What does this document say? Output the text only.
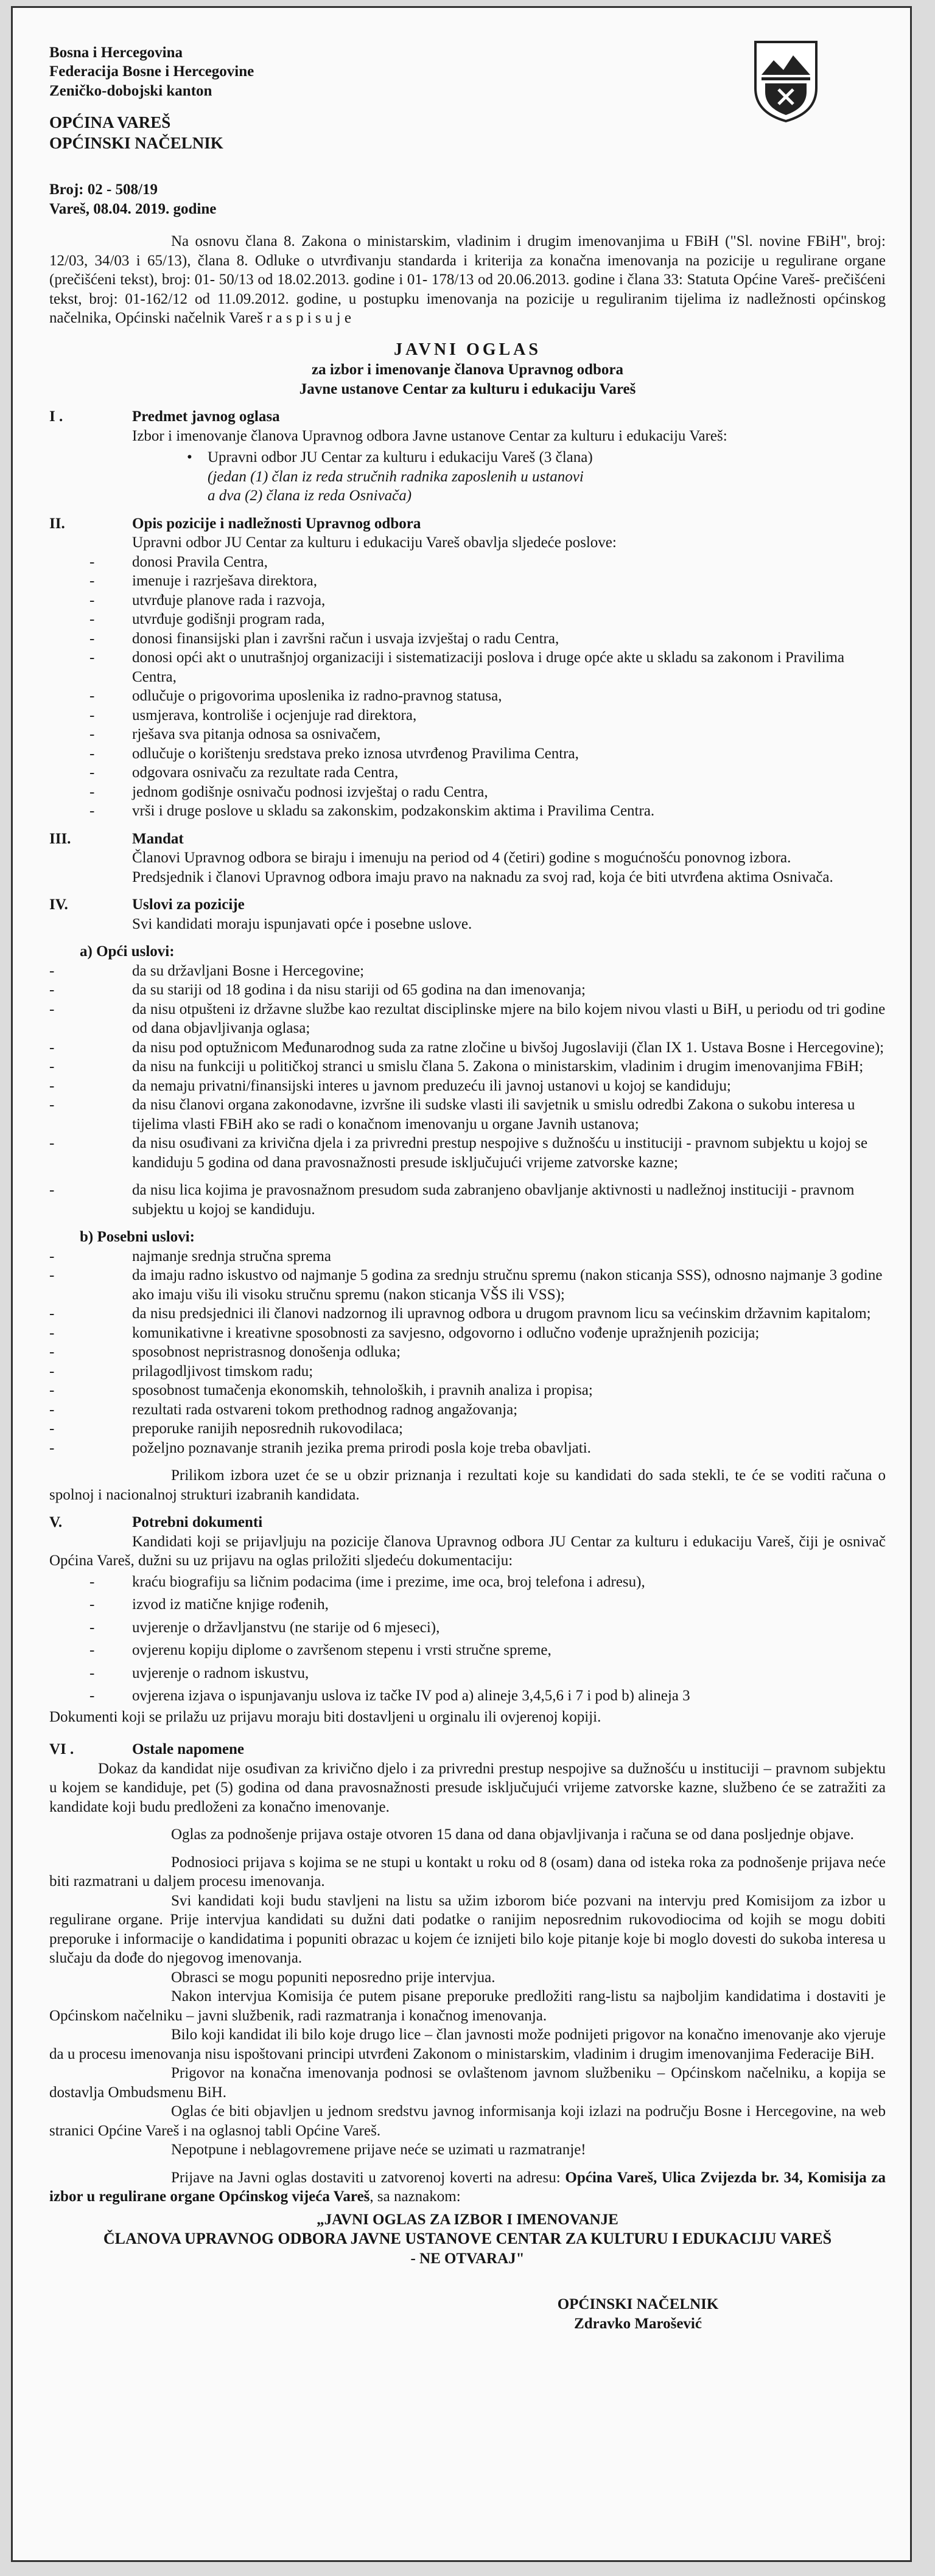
Bosna i Hercegovina
Federacija Bosne i Hercegovine
Zeničko-dobojski kanton
OPĆINA VAREŠ
OPĆINSKI NAČELNIK
Broj: 02 - 508/19
Vareš, 08.04. 2019. godine

Na osnovu člana 8. Zakona o ministarskim, vladinim i drugim imenovanjima u FBiH ("Sl. novine FBiH", broj: 12/03, 34/03 i 65/13), člana 8. Odluke o utvrđivanju standarda i kriterija za konačna imenovanja na pozicije u regulirane organe (prečišćeni tekst), broj: 01- 50/13 od 18.02.2013. godine i 01- 178/13 od 20.06.2013. godine i člana 33: Statuta Općine Vareš- prečišćeni tekst, broj: 01-162/12 od 11.09.2012. godine, u postupku imenovanja na pozicije u reguliranim tijelima iz nadležnosti općinskog načelnika, Općinski načelnik Vareš r a s p i s u j e

JAVNI OGLAS
za izbor i imenovanje članova Upravnog odbora
Javne ustanove Centar za kulturu i edukaciju Vareš
I .	Predmet javnog oglasa

Izbor i imenovanje članova Upravnog odbora Javne ustanove Centar za kulturu i edukaciju Vareš:

• Upravni odbor JU Centar za kulturu i edukaciju Vareš (3 člana)
(jedan (1) član iz reda stručnih radnika zaposlenih u ustanovi
a dva (2) člana iz reda Osnivača)
II.	Opis pozicije i nadležnosti Upravnog odbora

Upravni odbor JU Centar za kulturu i edukaciju Vareš obavlja sljedeće poslove:

- donosi Pravila Centra,
- imenuje i razrješava direktora,
- utvrđuje planove rada i razvoja,
- utvrđuje godišnji program rada,
- donosi finansijski plan i završni račun i usvaja izvještaj o radu Centra,
- donosi opći akt o unutrašnjoj organizaciji i sistematizaciji poslova i druge opće akte u skladu sa zakonom i Pravilima Centra,
- odlučuje o prigovorima uposlenika iz radno-pravnog statusa,
- usmjerava, kontroliše i ocjenjuje rad direktora,
- rješava sva pitanja odnosa sa osnivačem,
- odlučuje o korištenju sredstava preko iznosa utvrđenog Pravilima Centra,
- odgovara osnivaču za rezultate rada Centra,
- jednom godišnje osnivaču podnosi izvještaj o radu Centra,
- vrši i druge poslove u skladu sa zakonskim, podzakonskim aktima i Pravilima Centra.
III.	Mandat

Članovi Upravnog odbora se biraju i imenuju na period od 4 (četiri) godine s mogućnošću ponovnog izbora.

Predsjednik i članovi Upravnog odbora imaju pravo na naknadu za svoj rad, koja će biti utvrđena aktima Osnivača.

IV.	Uslovi za pozicije

Svi kandidati moraju ispunjavati opće i posebne uslove.

a) Opći uslovi:
- da su državljani Bosne i Hercegovine;
- da su stariji od 18 godina i da nisu stariji od 65 godina na dan imenovanja;
- da nisu otpušteni iz državne službe kao rezultat disciplinske mjere na bilo kojem nivou vlasti u BiH, u periodu od tri godine od dana objavljivanja oglasa;
- da nisu pod optužnicom Međunarodnog suda za ratne zločine u bivšoj Jugoslaviji (član IX 1. Ustava Bosne i Hercegovine);
- da nisu na funkciji u političkoj stranci u smislu člana 5. Zakona o ministarskim, vladinim i drugim imenovanjima FBiH;
- da nemaju privatni/finansijski interes u javnom preduzeću ili javnoj ustanovi u kojoj se kandiduju;
- da nisu članovi organa zakonodavne, izvršne ili sudske vlasti ili savjetnik u smislu odredbi Zakona o sukobu interesa u tijelima vlasti FBiH ako se radi o konačnom imenovanju u organe Javnih ustanova;
- da nisu osuđivani za krivična djela i za privredni prestup nespojive s dužnošću u instituciji - pravnom subjektu u kojoj se kandiduju 5 godina od dana pravosnažnosti presude isključujući vrijeme zatvorske kazne;
- da nisu lica kojima je pravosnažnom presudom suda zabranjeno obavljanje aktivnosti u nadležnoj instituciji - pravnom subjektu u kojoj se kandiduju.
b) Posebni uslovi:
- najmanje srednja stručna sprema
- da imaju radno iskustvo od najmanje 5 godina za srednju stručnu spremu (nakon sticanja SSS), odnosno najmanje 3 godine ako imaju višu ili visoku stručnu spremu (nakon sticanja VŠS ili VSS);
- da nisu predsjednici ili članovi nadzornog ili upravnog odbora u drugom pravnom licu sa većinskim državnim kapitalom;
- komunikativne i kreativne sposobnosti za savjesno, odgovorno i odlučno vođenje upražnjenih pozicija;
- sposobnost nepristrasnog donošenja odluka;
- prilagodljivost timskom radu;
- sposobnost tumačenja ekonomskih, tehnoloških, i pravnih analiza i propisa;
- rezultati rada ostvareni tokom prethodnog radnog angažovanja;
- preporuke ranijih neposrednih rukovodilaca;
- poželjno poznavanje stranih jezika prema prirodi posla koje treba obavljati.

Prilikom izbora uzet će se u obzir priznanja i rezultati koje su kandidati do sada stekli, te će se voditi računa o spolnoj i nacionalnoj strukturi izabranih kandidata.

V.	Potrebni dokumenti

Kandidati koji se prijavljuju na pozicije članova Upravnog odbora JU Centar za kulturu i edukaciju Vareš, čiji je osnivač Općina Vareš, dužni su uz prijavu na oglas priložiti sljedeću dokumentaciju:

- kraću biografiju sa ličnim podacima (ime i prezime, ime oca, broj telefona i adresu),
- izvod iz matične knjige rođenih,
- uvjerenje o državljanstvu (ne starije od 6 mjeseci),
- ovjerenu kopiju diplome o završenom stepenu i vrsti stručne spreme,
- uvjerenje o radnom iskustvu,
- ovjerena izjava o ispunjavanju uslova iz tačke IV pod a) alineje 3,4,5,6 i 7 i pod b) alineja 3

Dokumenti koji se prilažu uz prijavu moraju biti dostavljeni u orginalu ili ovjerenoj kopiji.

VI .	Ostale napomene

Dokaz da kandidat nije osuđivan za krivično djelo i za privredni prestup nespojive sa dužnošću u instituciji – pravnom subjektu u kojem se kandiduje, pet (5) godina od dana pravosnažnosti presude isključujući vrijeme zatvorske kazne, službeno će se zatražiti za kandidate koji budu predloženi za konačno imenovanje.

Oglas za podnošenje prijava ostaje otvoren 15 dana od dana objavljivanja i računa se od dana posljednje objave.

Podnosioci prijava s kojima se ne stupi u kontakt u roku od 8 (osam) dana od isteka roka za podnošenje prijava neće biti razmatrani u daljem procesu imenovanja.

Svi kandidati koji budu stavljeni na listu sa užim izborom biće pozvani na intervju pred Komisijom za izbor u regulirane organe. Prije intervjua kandidati su dužni dati podatke o ranijim neposrednim rukovodiocima od kojih se mogu dobiti preporuke i informacije o kandidatima i popuniti obrazac u kojem će iznijeti bilo koje pitanje koje bi moglo dovesti do sukoba interesa u slučaju da dođe do njegovog imenovanja.

Obrasci se mogu popuniti neposredno prije intervjua.

Nakon intervjua Komisija će putem pisane preporuke predložiti rang-listu sa najboljim kandidatima i dostaviti je Općinskom načelniku – javni službenik, radi razmatranja i konačnog imenovanja.

Bilo koji kandidat ili bilo koje drugo lice – član javnosti može podnijeti prigovor na konačno imenovanje ako vjeruje da u procesu imenovanja nisu ispoštovani principi utvrđeni Zakonom o ministarskim, vladinim i drugim imenovanjima Federacije BiH.

Prigovor na konačna imenovanja podnosi se ovlaštenom javnom službeniku – Općinskom načelniku, a kopija se dostavlja Ombudsmenu BiH.

Oglas će biti objavljen u jednom sredstvu javnog informisanja koji izlazi na području Bosne i Hercegovine, na web stranici Općine Vareš i na oglasnoj tabli Općine Vareš.

Nepotpune i neblagovremene prijave neće se uzimati u razmatranje!

Prijave na Javni oglas dostaviti u zatvorenoj koverti na adresu: Općina Vareš, Ulica Zvijezda br. 34, Komisija za izbor u regulirane organe Općinskog vijeća Vareš, sa naznakom:

„JAVNI OGLAS ZA IZBOR I IMENOVANJE
ČLANOVA UPRAVNOG ODBORA JAVNE USTANOVE CENTAR ZA KULTURU I EDUKACIJU VAREŠ
- NE OTVARAJ"
OPĆINSKI NAČELNIK
Zdravko Marošević
